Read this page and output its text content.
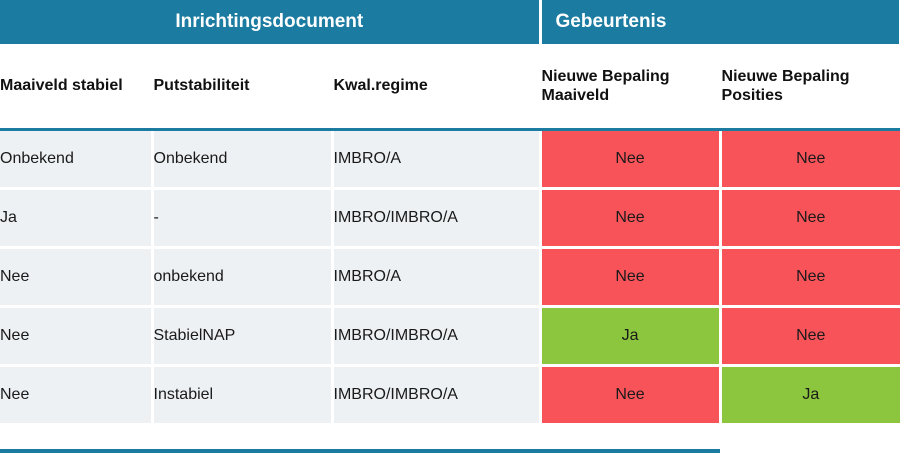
Inrichtingsdocument			Gebeurtenis	
Maaiveld stabiel	Putstabiliteit	Kwal.regime	Nieuwe Bepaling Maaiveld	Nieuwe Bepaling Posities
Onbekend	Onbekend	IMBRO/A	Nee	Nee
Ja	-	IMBRO/IMBRO/A	Nee	Nee
Nee	onbekend	IMBRO/A	Nee	Nee
Nee	StabielNAP	IMBRO/IMBRO/A	Ja	Nee
Nee	Instabiel	IMBRO/IMBRO/A	Nee	Ja
